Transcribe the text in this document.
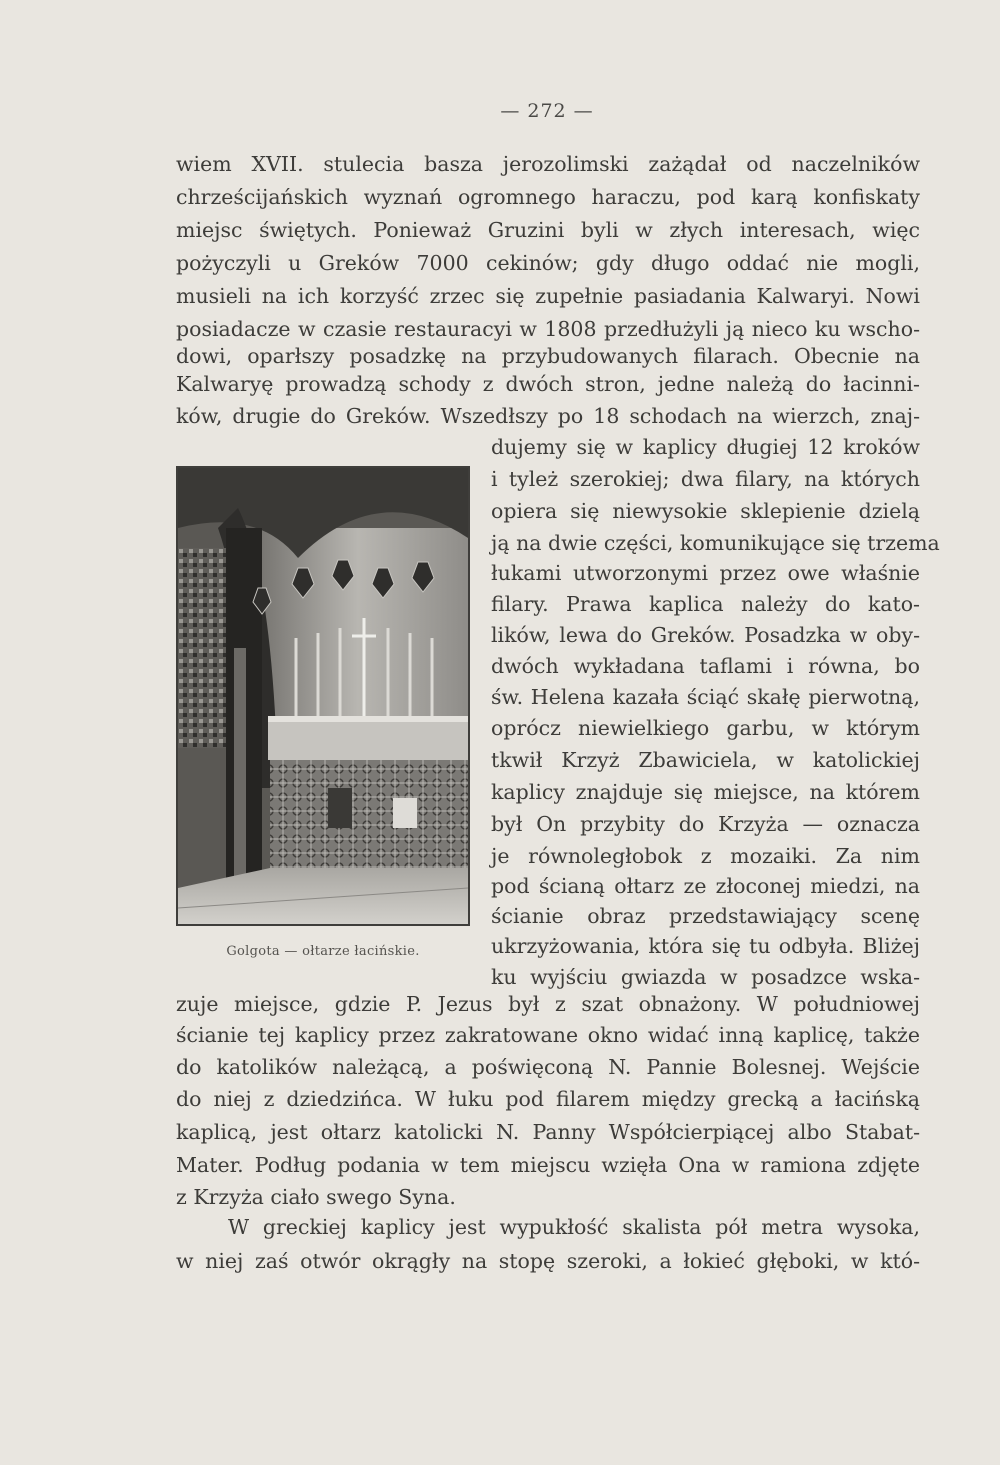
— 272 —
wiem XVII. stulecia basza jerozolimski zażądał od naczelników
chrześcijańskich wyznań ogromnego haraczu, pod karą konfiskaty
miejsc świętych. Ponieważ Gruzini byli w złych interesach, więc
pożyczyli u Greków 7000 cekinów; gdy długo oddać nie mogli,
musieli na ich korzyść zrzec się zupełnie pasiadania Kalwaryi. Nowi
posiadacze w czasie restauracyi w 1808 przedłużyli ją nieco ku wscho-
dowi, oparłszy posadzkę na przybudowanych filarach. Obecnie na
Kalwaryę prowadzą schody z dwóch stron, jedne należą do łacinni-
ków, drugie do Greków. Wszedłszy po 18 schodach na wierzch, znaj-
dujemy się w kaplicy długiej 12 kroków
i tyleż szerokiej; dwa filary, na których
opiera się niewysokie sklepienie dzielą
ją na dwie części, komunikujące się trzema
łukami utworzonymi przez owe właśnie
filary. Prawa kaplica należy do kato-
lików, lewa do Greków. Posadzka w oby-
dwóch wykładana taflami i równa, bo
św. Helena kazała ściąć skałę pierwotną,
oprócz niewielkiego garbu, w którym
tkwił Krzyż Zbawiciela, w katolickiej
kaplicy znajduje się miejsce, na którem
był On przybity do Krzyża — oznacza
je równoległobok z mozaiki. Za nim
pod ścianą ołtarz ze złoconej miedzi, na
ścianie obraz przedstawiający scenę
ukrzyżowania, która się tu odbyła. Bliżej
ku wyjściu gwiazda w posadzce wska-
Golgota — ołtarze łacińskie.
zuje miejsce, gdzie P. Jezus był z szat obnażony. W południowej
ścianie tej kaplicy przez zakratowane okno widać inną kaplicę, także
do katolików należącą, a poświęconą N. Pannie Bolesnej. Wejście
do niej z dziedzińca. W łuku pod filarem między grecką a łacińską
kaplicą, jest ołtarz katolicki N. Panny Współcierpiącej albo Stabat-
Mater. Podług podania w tem miejscu wzięła Ona w ramiona zdjęte
z Krzyża ciało swego Syna.
W greckiej kaplicy jest wypukłość skalista pół metra wysoka,
w niej zaś otwór okrągły na stopę szeroki, a łokieć głęboki, w któ-
